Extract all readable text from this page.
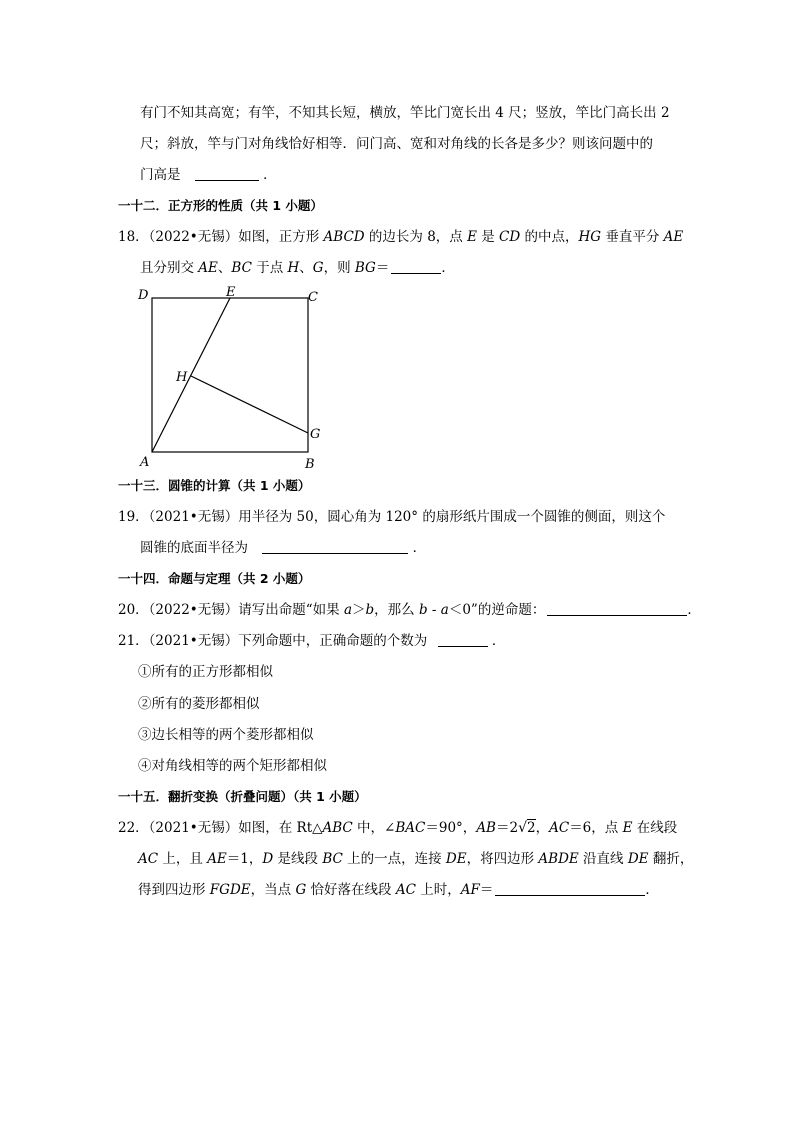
有门不知其高宽；有竿，不知其长短，横放，竿比门宽长出 4 尺；竖放，竿比门高长出 2
尺；斜放，竿与门对角线恰好相等．问门高、宽和对角线的长各是多少？则该问题中的
门高是	．
一十二．正方形的性质（共 1 小题）
18．（2022•无锡）如图，正方形 ABCD 的边长为 8，点 E 是 CD 的中点，HG 垂直平分 AE
且分别交 AE、BC 于点 H、G，则 BG＝	．
D	E	C
H
G
A	B
一十三．圆锥的计算（共 1 小题）
19．（2021•无锡）用半径为 50，圆心角为 120° 的扇形纸片围成一个圆锥的侧面，则这个
圆锥的底面半径为	．
一十四．命题与定理（共 2 小题）
20．（2022•无锡）请写出命题“如果 a＞b，那么 b - a＜0”的逆命题：	．
21．（2021•无锡）下列命题中，正确命题的个数为	．
①所有的正方形都相似
②所有的菱形都相似
③边长相等的两个菱形都相似
④对角线相等的两个矩形都相似
一十五．翻折变换（折叠问题）（共 1 小题）
22．（2021•无锡）如图，在 Rt△ABC 中，∠BAC＝90°，AB＝2√2，AC＝6，点 E 在线段
AC 上，且 AE＝1，D 是线段 BC 上的一点，连接 DE，将四边形 ABDE 沿直线 DE 翻折，
得到四边形 FGDE，当点 G 恰好落在线段 AC 上时，AF＝	．
